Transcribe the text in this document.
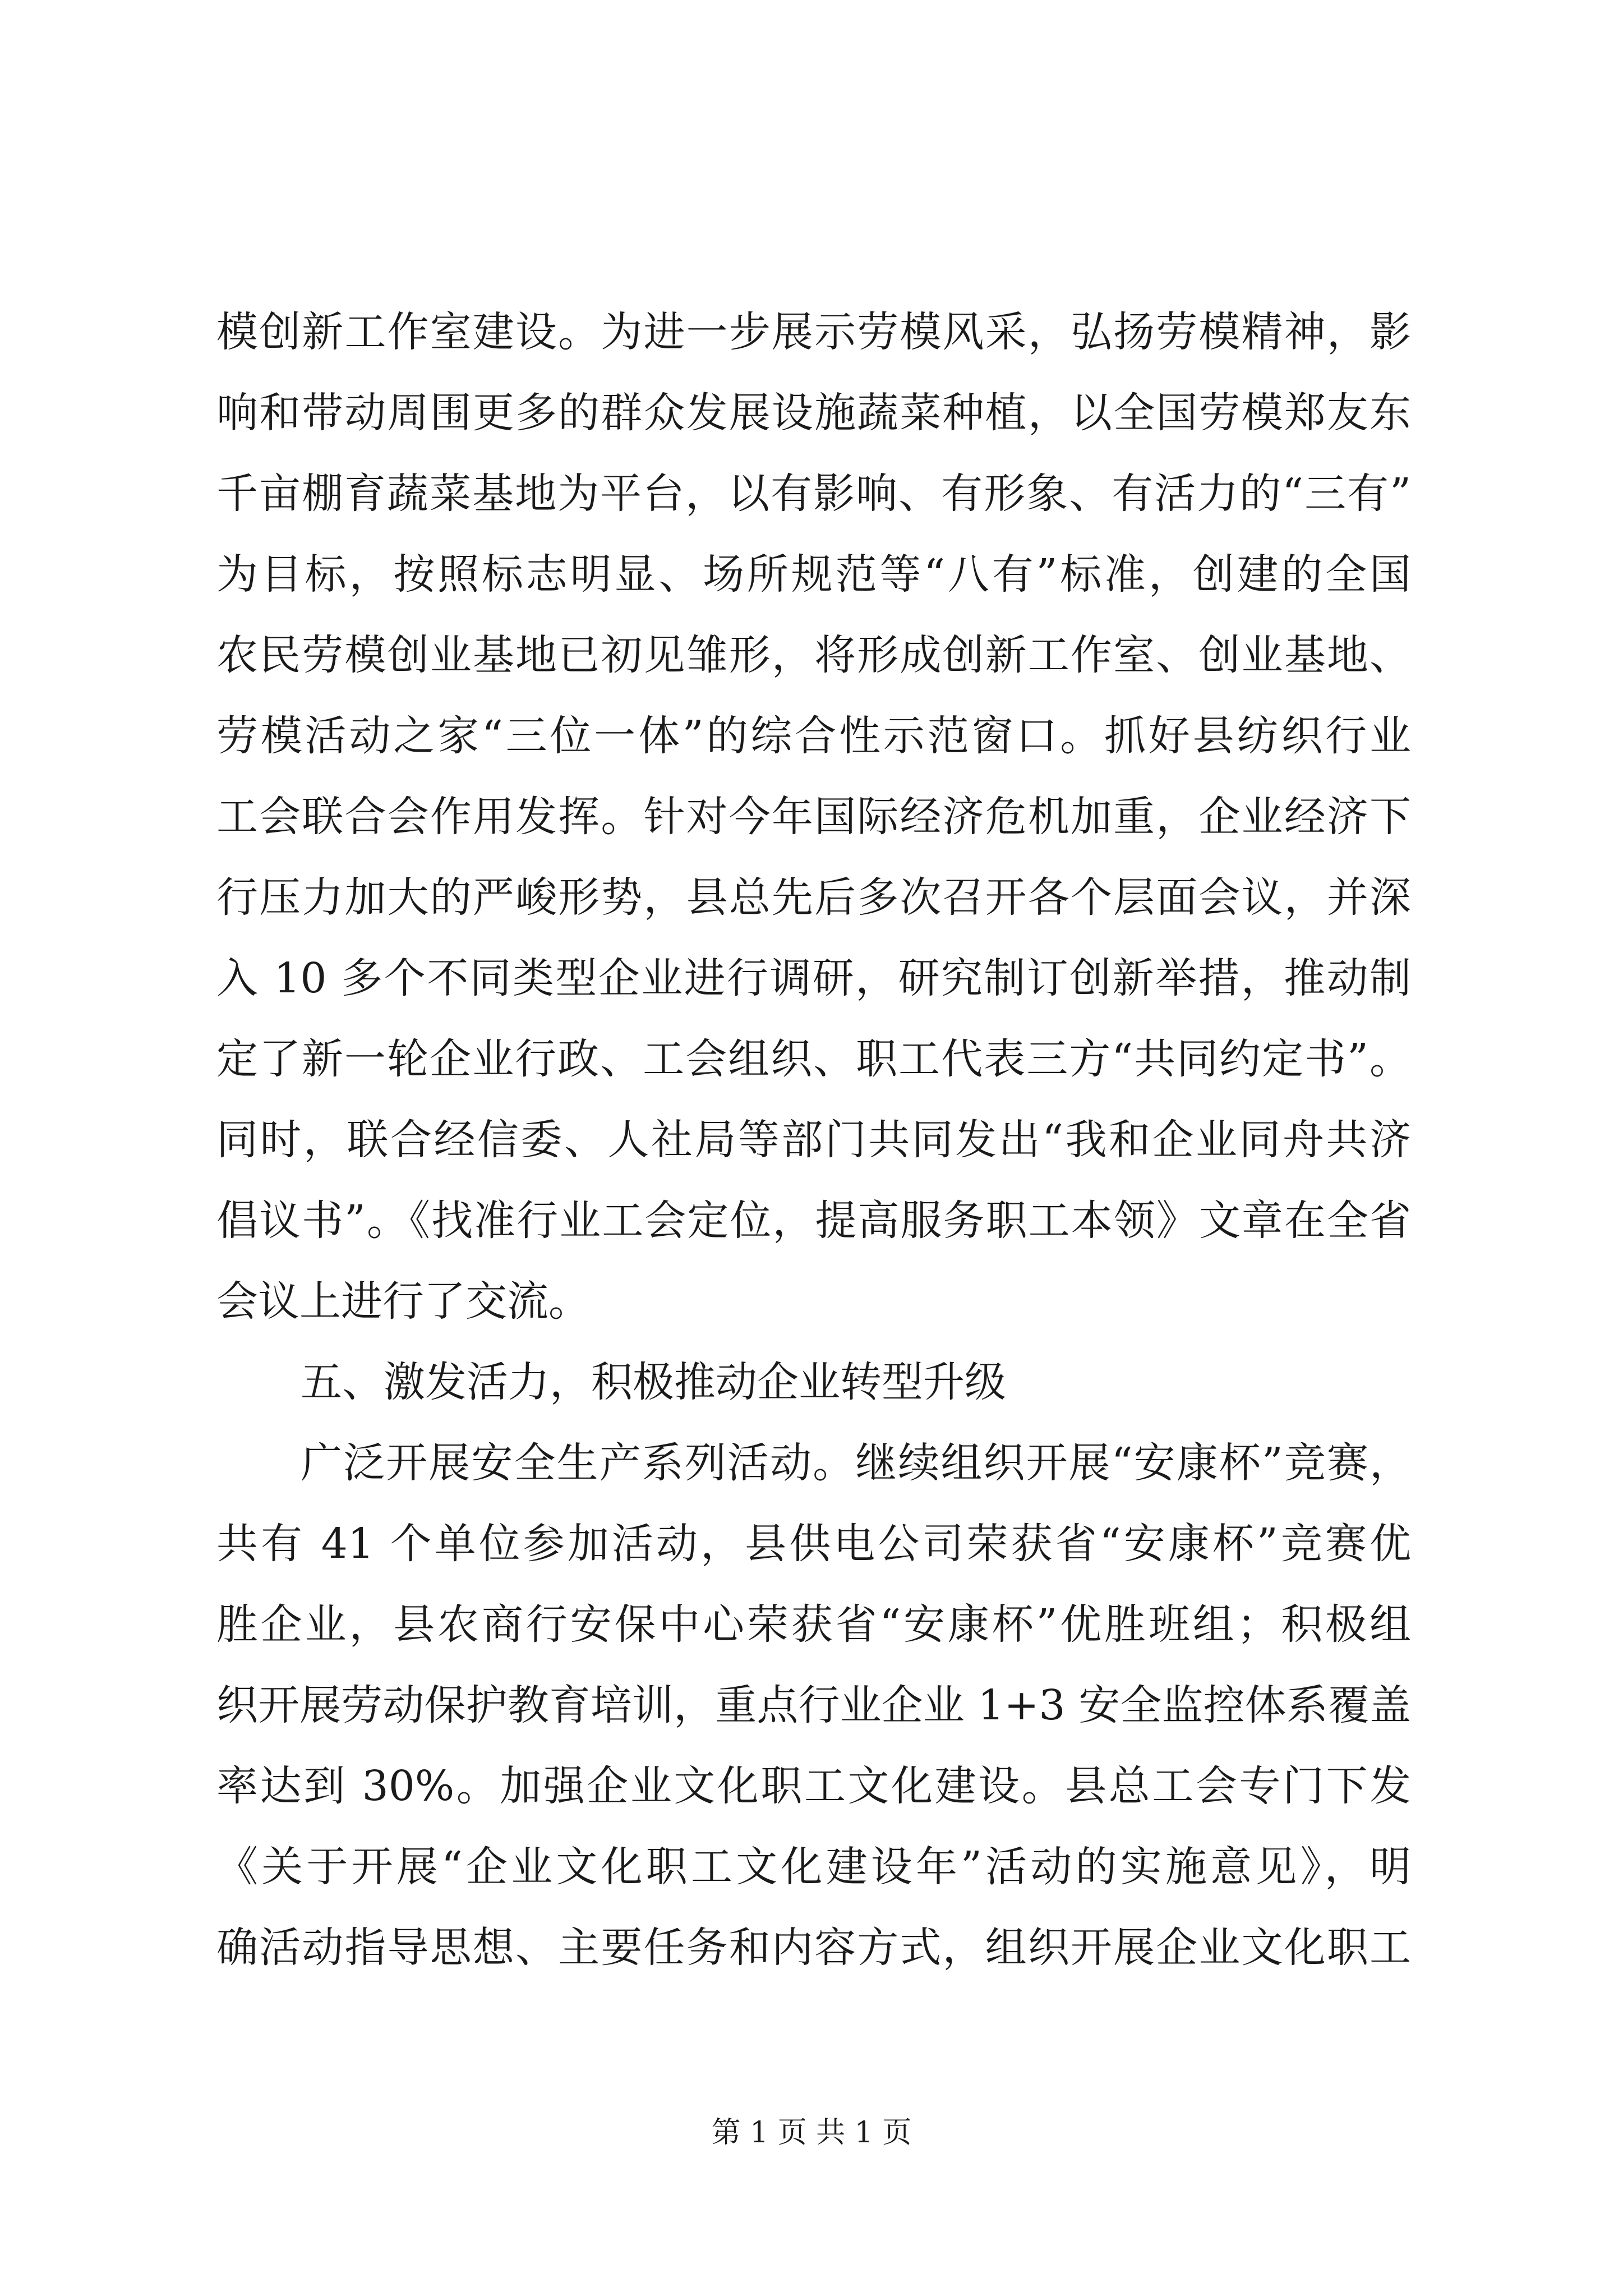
模创新工作室建设。为进一步展示劳模风采，弘扬劳模精神，影
响和带动周围更多的群众发展设施蔬菜种植，以全国劳模郑友东
千亩棚育蔬菜基地为平台，以有影响、有形象、有活力的“三有”
为目标，按照标志明显、场所规范等“八有”标准，创建的全国
农民劳模创业基地已初见雏形，将形成创新工作室、创业基地、
劳模活动之家“三位一体”的综合性示范窗口。抓好县纺织行业
工会联合会作用发挥。针对今年国际经济危机加重，企业经济下
行压力加大的严峻形势，县总先后多次召开各个层面会议，并深
入 10 多个不同类型企业进行调研，研究制订创新举措，推动制
定了新一轮企业行政、工会组织、职工代表三方“共同约定书”。
同时，联合经信委、人社局等部门共同发出“我和企业同舟共济
倡议书”。《找准行业工会定位，提高服务职工本领》文章在全省
会议上进行了交流。
五、激发活力，积极推动企业转型升级
广泛开展安全生产系列活动。继续组织开展“安康杯”竞赛，
共有 41 个单位参加活动，县供电公司荣获省“安康杯”竞赛优
胜企业，县农商行安保中心荣获省“安康杯”优胜班组；积极组
织开展劳动保护教育培训，重点行业企业 1+3 安全监控体系覆盖
率达到 30%。加强企业文化职工文化建设。县总工会专门下发
《关于开展“企业文化职工文化建设年”活动的实施意见》，明
确活动指导思想、主要任务和内容方式，组织开展企业文化职工
第 1 页 共 1 页
